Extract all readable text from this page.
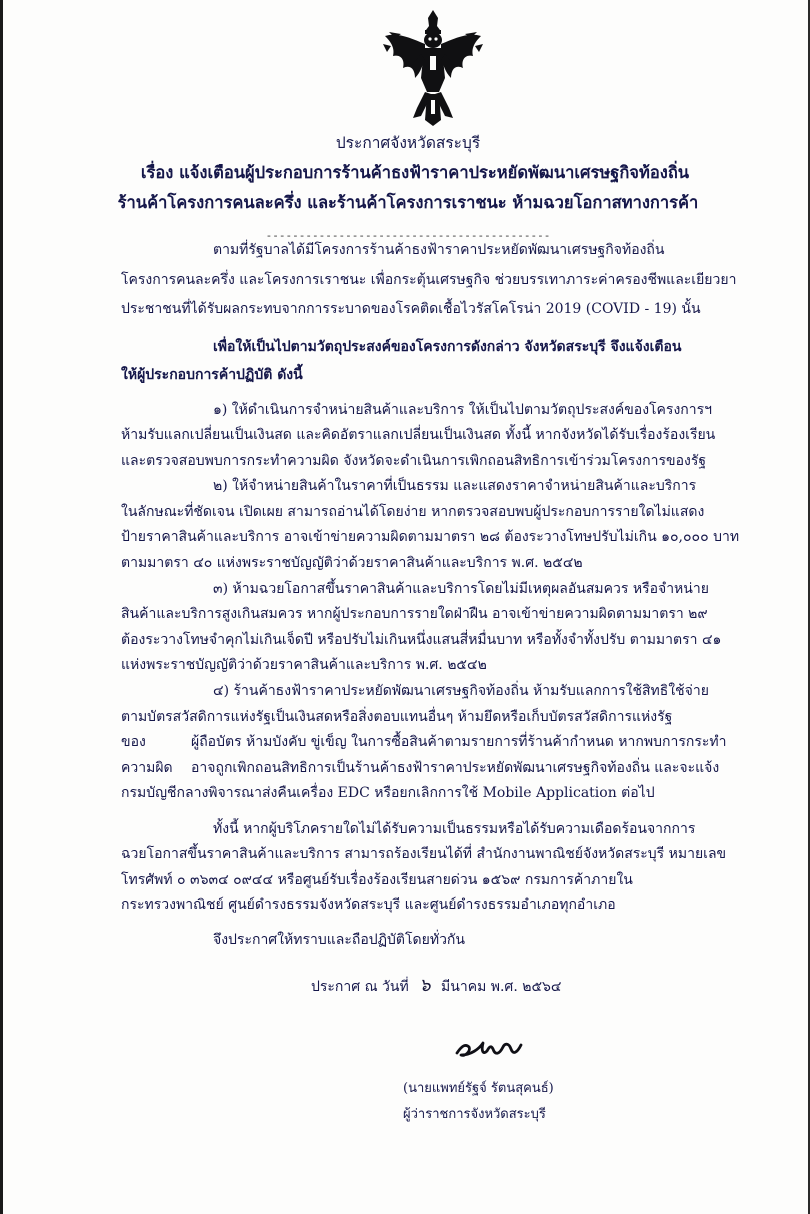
ประกาศจังหวัดสระบุรี
เรื่อง แจ้งเตือนผู้ประกอบการร้านค้าธงฟ้าราคาประหยัดพัฒนาเศรษฐกิจท้องถิ่น
ร้านค้าโครงการคนละครึ่ง และร้านค้าโครงการเราชนะ ห้ามฉวยโอกาสทางการค้า
-------------------------------------------
ตามที่รัฐบาลได้มีโครงการร้านค้าธงฟ้าราคาประหยัดพัฒนาเศรษฐกิจท้องถิ่น
โครงการคนละครึ่ง และโครงการเราชนะ เพื่อกระตุ้นเศรษฐกิจ ช่วยบรรเทาภาระค่าครองชีพและเยียวยา
ประชาชนที่ได้รับผลกระทบจากการระบาดของโรคติดเชื้อไวรัสโคโรน่า 2019 (COVID - 19) นั้น
เพื่อให้เป็นไปตามวัตถุประสงค์ของโครงการดังกล่าว จังหวัดสระบุรี จึงแจ้งเตือน
ให้ผู้ประกอบการค้าปฏิบัติ ดังนี้
๑) ให้ดำเนินการจำหน่ายสินค้าและบริการ ให้เป็นไปตามวัตถุประสงค์ของโครงการฯ
ห้ามรับแลกเปลี่ยนเป็นเงินสด และคิดอัตราแลกเปลี่ยนเป็นเงินสด ทั้งนี้ หากจังหวัดได้รับเรื่องร้องเรียน
และตรวจสอบพบการกระทำความผิด จังหวัดจะดำเนินการเพิกถอนสิทธิการเข้าร่วมโครงการของรัฐ
๒) ให้จำหน่ายสินค้าในราคาที่เป็นธรรม และแสดงราคาจำหน่ายสินค้าและบริการ
ในลักษณะที่ชัดเจน เปิดเผย สามารถอ่านได้โดยง่าย หากตรวจสอบพบผู้ประกอบการรายใดไม่แสดง
ป้ายราคาสินค้าและบริการ อาจเข้าข่ายความผิดตามมาตรา ๒๘ ต้องระวางโทษปรับไม่เกิน ๑๐,๐๐๐ บาท
ตามมาตรา ๔๐ แห่งพระราชบัญญัติว่าด้วยราคาสินค้าและบริการ พ.ศ. ๒๕๔๒
๓) ห้ามฉวยโอกาสขึ้นราคาสินค้าและบริการโดยไม่มีเหตุผลอันสมควร หรือจำหน่าย
สินค้าและบริการสูงเกินสมควร หากผู้ประกอบการรายใดฝ่าฝืน อาจเข้าข่ายความผิดตามมาตรา ๒๙
ต้องระวางโทษจำคุกไม่เกินเจ็ดปี หรือปรับไม่เกินหนึ่งแสนสี่หมื่นบาท หรือทั้งจำทั้งปรับ ตามมาตรา ๔๑
แห่งพระราชบัญญัติว่าด้วยราคาสินค้าและบริการ พ.ศ. ๒๕๔๒
๔) ร้านค้าธงฟ้าราคาประหยัดพัฒนาเศรษฐกิจท้องถิ่น ห้ามรับแลกการใช้สิทธิใช้จ่าย
ตามบัตรสวัสดิการแห่งรัฐเป็นเงินสดหรือสิ่งตอบแทนอื่นๆ ห้ามยึดหรือเก็บบัตรสวัสดิการแห่งรัฐ
ของ	ผู้ถือบัตร ห้ามบังคับ ขู่เข็ญ ในการซื้อสินค้าตามรายการที่ร้านค้ากำหนด หากพบการกระทำ
ความผิด อาจถูกเพิกถอนสิทธิการเป็นร้านค้าธงฟ้าราคาประหยัดพัฒนาเศรษฐกิจท้องถิ่น และจะแจ้ง
กรมบัญชีกลางพิจารณาส่งคืนเครื่อง EDC หรือยกเลิกการใช้ Mobile Application ต่อไป
ทั้งนี้ หากผู้บริโภครายใดไม่ได้รับความเป็นธรรมหรือได้รับความเดือดร้อนจากการ
ฉวยโอกาสขึ้นราคาสินค้าและบริการ สามารถร้องเรียนได้ที่ สำนักงานพาณิชย์จังหวัดสระบุรี หมายเลข
โทรศัพท์ ๐ ๓๖๓๔ ๐๙๔๔ หรือศูนย์รับเรื่องร้องเรียนสายด่วน ๑๕๖๙ กรมการค้าภายใน
กระทรวงพาณิชย์ ศูนย์ดำรงธรรมจังหวัดสระบุรี และศูนย์ดำรงธรรมอำเภอทุกอำเภอ
จึงประกาศให้ทราบและถือปฏิบัติโดยทั่วกัน
ประกาศ ณ วันที่ ๖ มีนาคม พ.ศ. ๒๕๖๔
(นายแพทย์รัฐจ์ รัตนสุคนธ์)
ผู้ว่าราชการจังหวัดสระบุรี
